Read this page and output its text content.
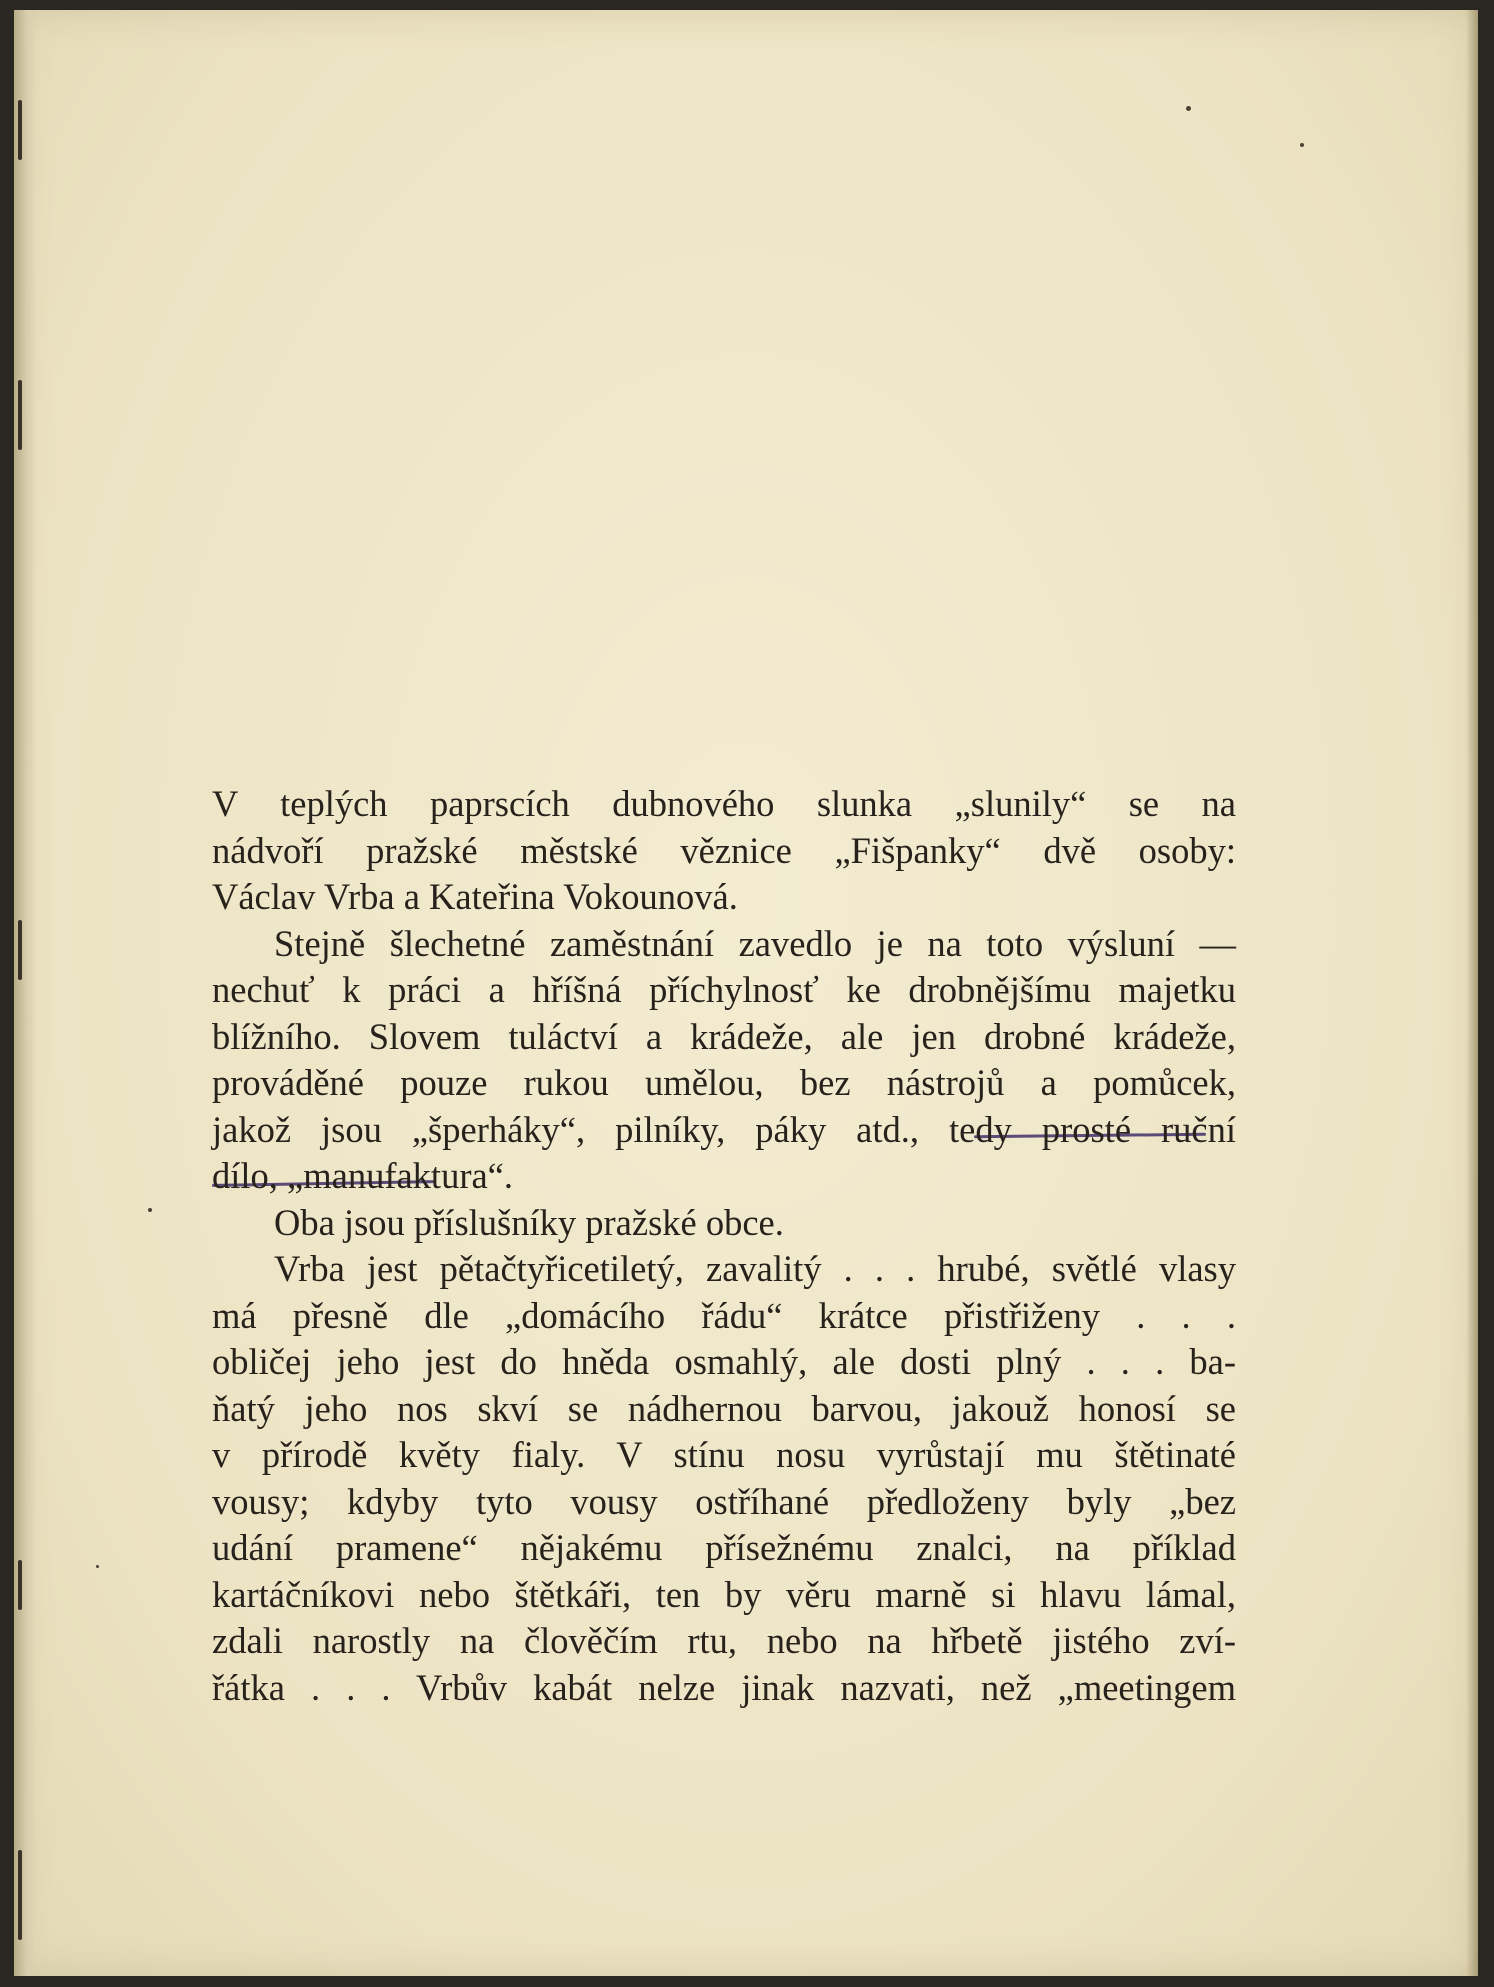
V teplých paprscích dubnového slunka „slunily“ se na
nádvoří pražské městské věznice „Fišpanky“ dvě osoby:
Václav Vrba a Kateřina Vokounová.
Stejně šlechetné zaměstnání zavedlo je na toto výsluní —
nechuť k práci a hříšná příchylnosť ke drobnějšímu majetku
blížního. Slovem tuláctví a krádeže, ale jen drobné krádeže,
prováděné pouze rukou umělou, bez nástrojů a pomůcek,
jakož jsou „šperháky“, pilníky, páky atd., tedy prosté ruční
dílo, „manufaktura“.
Oba jsou příslušníky pražské obce.
Vrba jest pětačtyřicetiletý, zavalitý . . . hrubé, světlé vlasy
má přesně dle „domácího řádu“ krátce přistřiženy . . .
obličej jeho jest do hněda osmahlý, ale dosti plný . . . ba-
ňatý jeho nos skví se nádhernou barvou, jakouž honosí se
v přírodě květy fialy. V stínu nosu vyrůstají mu štětinaté
vousy; kdyby tyto vousy ostříhané předloženy byly „bez
udání pramene“ nějakému přísežnému znalci, na příklad
kartáčníkovi nebo štětkáři, ten by věru marně si hlavu lámal,
zdali narostly na člověčím rtu, nebo na hřbetě jistého zví-
řátka . . . Vrbův kabát nelze jinak nazvati, než „meetingem
